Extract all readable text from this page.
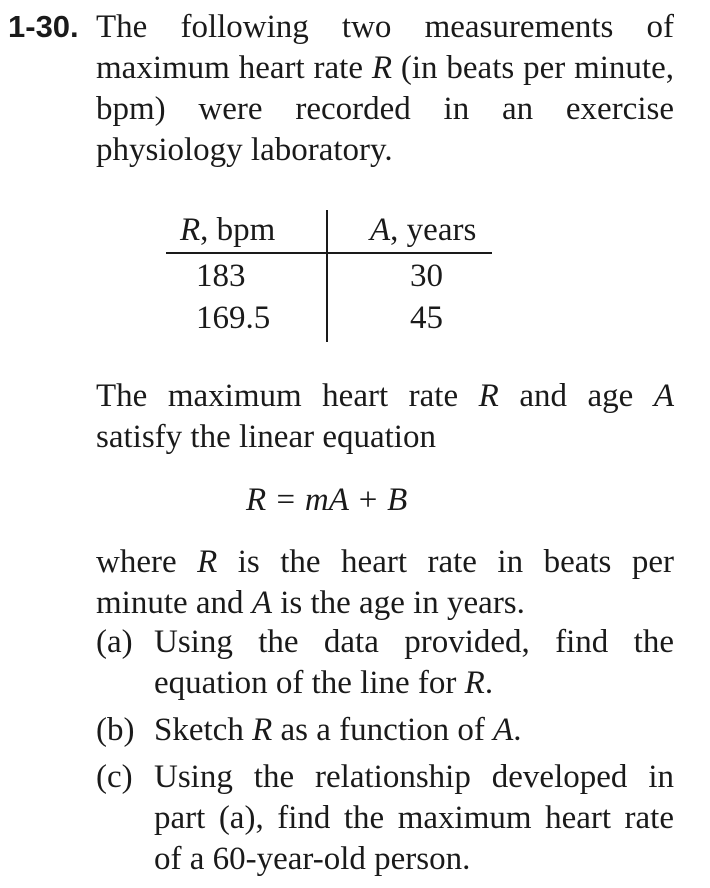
1-30. The following two measurements of maximum heart rate R (in beats per minute, bpm) were recorded in an exercise physiology laboratory.
R, bpm	A, years
183	30
169.5	45
The maximum heart rate R and age A satisfy the linear equation
R = mA + B
where R is the heart rate in beats per minute and A is the age in years.
(a) Using the data provided, find the equation of the line for R.
(b) Sketch R as a function of A.
(c) Using the relationship developed in part (a), find the maximum heart rate of a 60-year-old person.
